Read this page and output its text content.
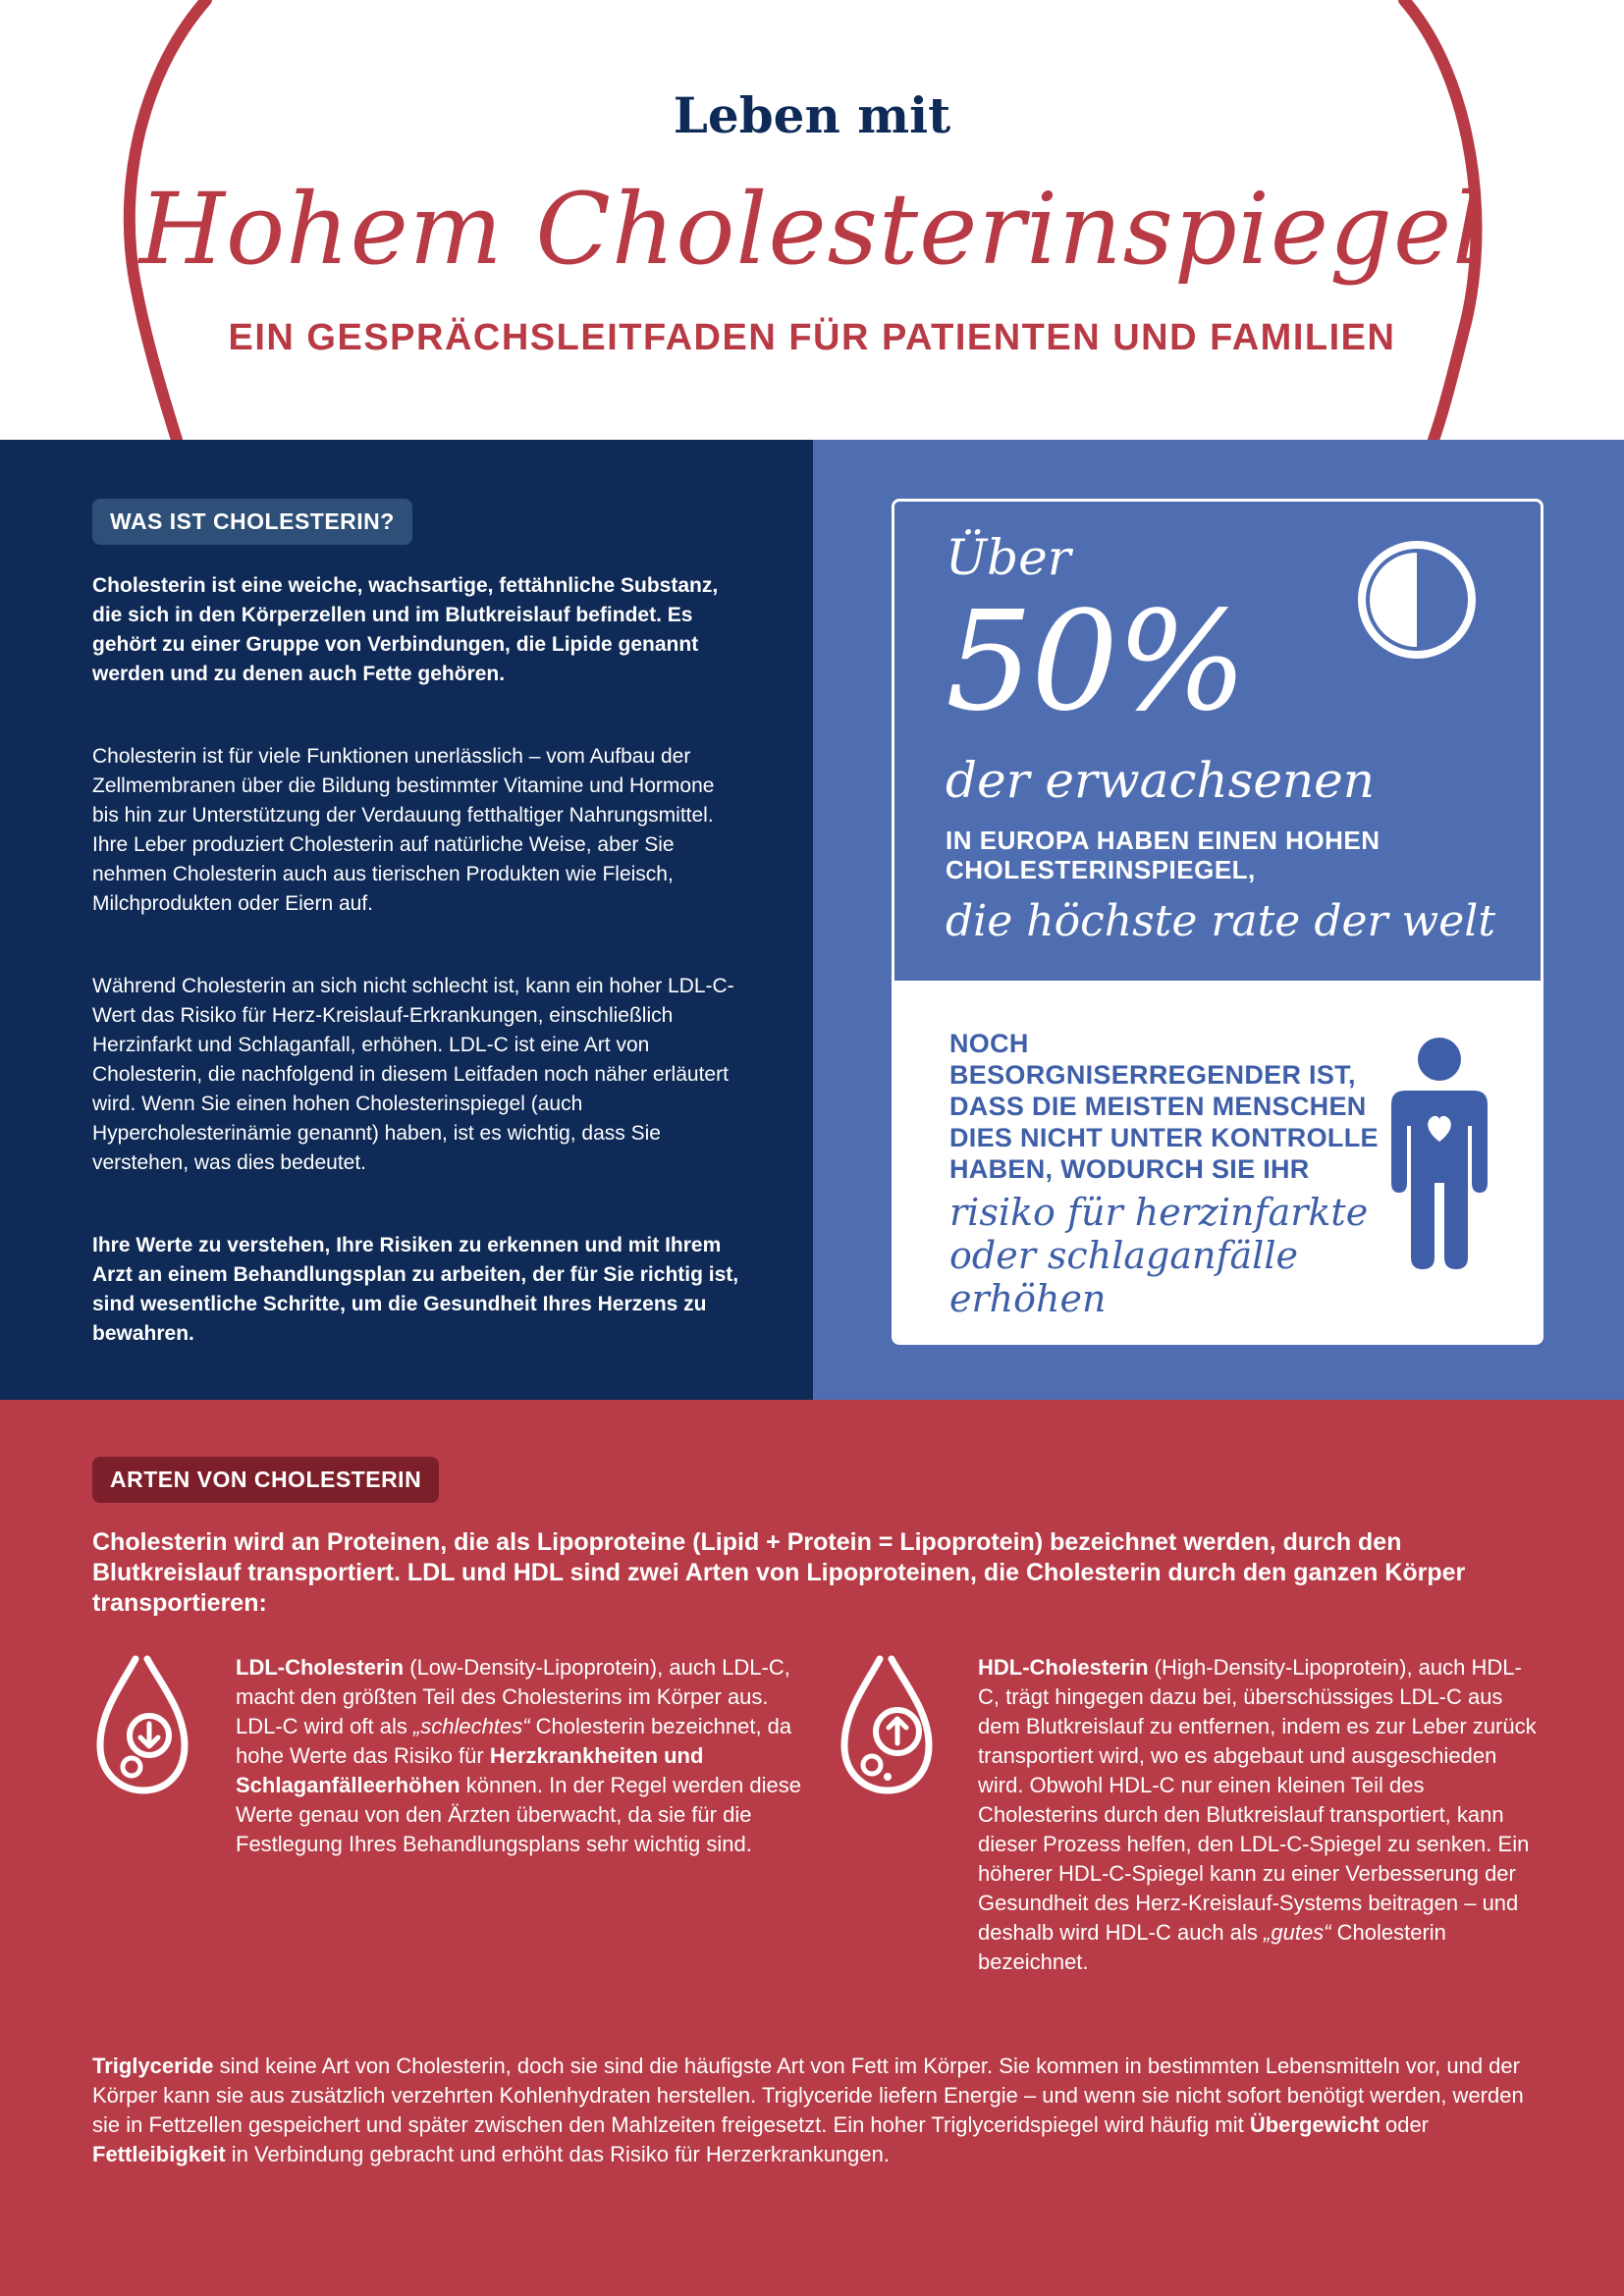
Leben mit
Hohem Cholesterinspiegel
EIN GESPRÄCHSLEITFADEN FÜR PATIENTEN UND FAMILIEN
WAS IST CHOLESTERIN?

Cholesterin ist eine weiche, wachsartige, fettähnliche Substanz, die sich in den Körperzellen und im Blutkreislauf befindet. Es gehört zu einer Gruppe von Verbindungen, die Lipide genannt werden und zu denen auch Fette gehören.

Cholesterin ist für viele Funktionen unerlässlich – vom Aufbau der Zellmembranen über die Bildung bestimmter Vitamine und Hormone bis hin zur Unterstützung der Verdauung fetthaltiger Nahrungsmittel. Ihre Leber produziert Cholesterin auf natürliche Weise, aber Sie nehmen Cholesterin auch aus tierischen Produkten wie Fleisch, Milchprodukten oder Eiern auf.

Während Cholesterin an sich nicht schlecht ist, kann ein hoher LDL-C-Wert das Risiko für Herz-Kreislauf-Erkrankungen, einschließlich Herzinfarkt und Schlaganfall, erhöhen. LDL-C ist eine Art von Cholesterin, die nachfolgend in diesem Leitfaden noch näher erläutert wird. Wenn Sie einen hohen Cholesterinspiegel (auch Hypercholesterinämie genannt) haben, ist es wichtig, dass Sie verstehen, was dies bedeutet.

Ihre Werte zu verstehen, Ihre Risiken zu erkennen und mit Ihrem Arzt an einem Behandlungsplan zu arbeiten, der für Sie richtig ist, sind wesentliche Schritte, um die Gesundheit Ihres Herzens zu bewahren.

Über
50%
der erwachsenen
IN EUROPA HABEN EINEN HOHEN CHOLESTERINSPIEGEL,
die höchste rate der welt
NOCH BESORGNISERREGENDER IST, DASS DIE MEISTEN MENSCHEN DIES NICHT UNTER KONTROLLE HABEN, WODURCH SIE IHR
risiko für herzinfarkte oder schlaganfälle erhöhen
ARTEN VON CHOLESTERIN

Cholesterin wird an Proteinen, die als Lipoproteine (Lipid + Protein = Lipoprotein) bezeichnet werden, durch den Blutkreislauf transportiert. LDL und HDL sind zwei Arten von Lipoproteinen, die Cholesterin durch den ganzen Körper transportieren:

LDL-Cholesterin (Low-Density-Lipoprotein), auch LDL-C, macht den größten Teil des Cholesterins im Körper aus. LDL-C wird oft als „schlechtes“ Cholesterin bezeichnet, da hohe Werte das Risiko für Herzkrankheiten und Schlaganfälleerhöhen können. In der Regel werden diese Werte genau von den Ärzten überwacht, da sie für die Festlegung Ihres Behandlungsplans sehr wichtig sind.

HDL-Cholesterin (High-Density-Lipoprotein), auch HDL-C, trägt hingegen dazu bei, überschüssiges LDL-C aus dem Blutkreislauf zu entfernen, indem es zur Leber zurück transportiert wird, wo es abgebaut und ausgeschieden wird. Obwohl HDL-C nur einen kleinen Teil des Cholesterins durch den Blutkreislauf transportiert, kann dieser Prozess helfen, den LDL-C-Spiegel zu senken. Ein höherer HDL-C-Spiegel kann zu einer Verbesserung der Gesundheit des Herz-Kreislauf-Systems beitragen – und deshalb wird HDL-C auch als „gutes“ Cholesterin bezeichnet.

Triglyceride sind keine Art von Cholesterin, doch sie sind die häufigste Art von Fett im Körper. Sie kommen in bestimmten Lebensmitteln vor, und der Körper kann sie aus zusätzlich verzehrten Kohlenhydraten herstellen. Triglyceride liefern Energie – und wenn sie nicht sofort benötigt werden, werden sie in Fettzellen gespeichert und später zwischen den Mahlzeiten freigesetzt. Ein hoher Triglyceridspiegel wird häufig mit Übergewicht oder Fettleibigkeit in Verbindung gebracht und erhöht das Risiko für Herzerkrankungen.
